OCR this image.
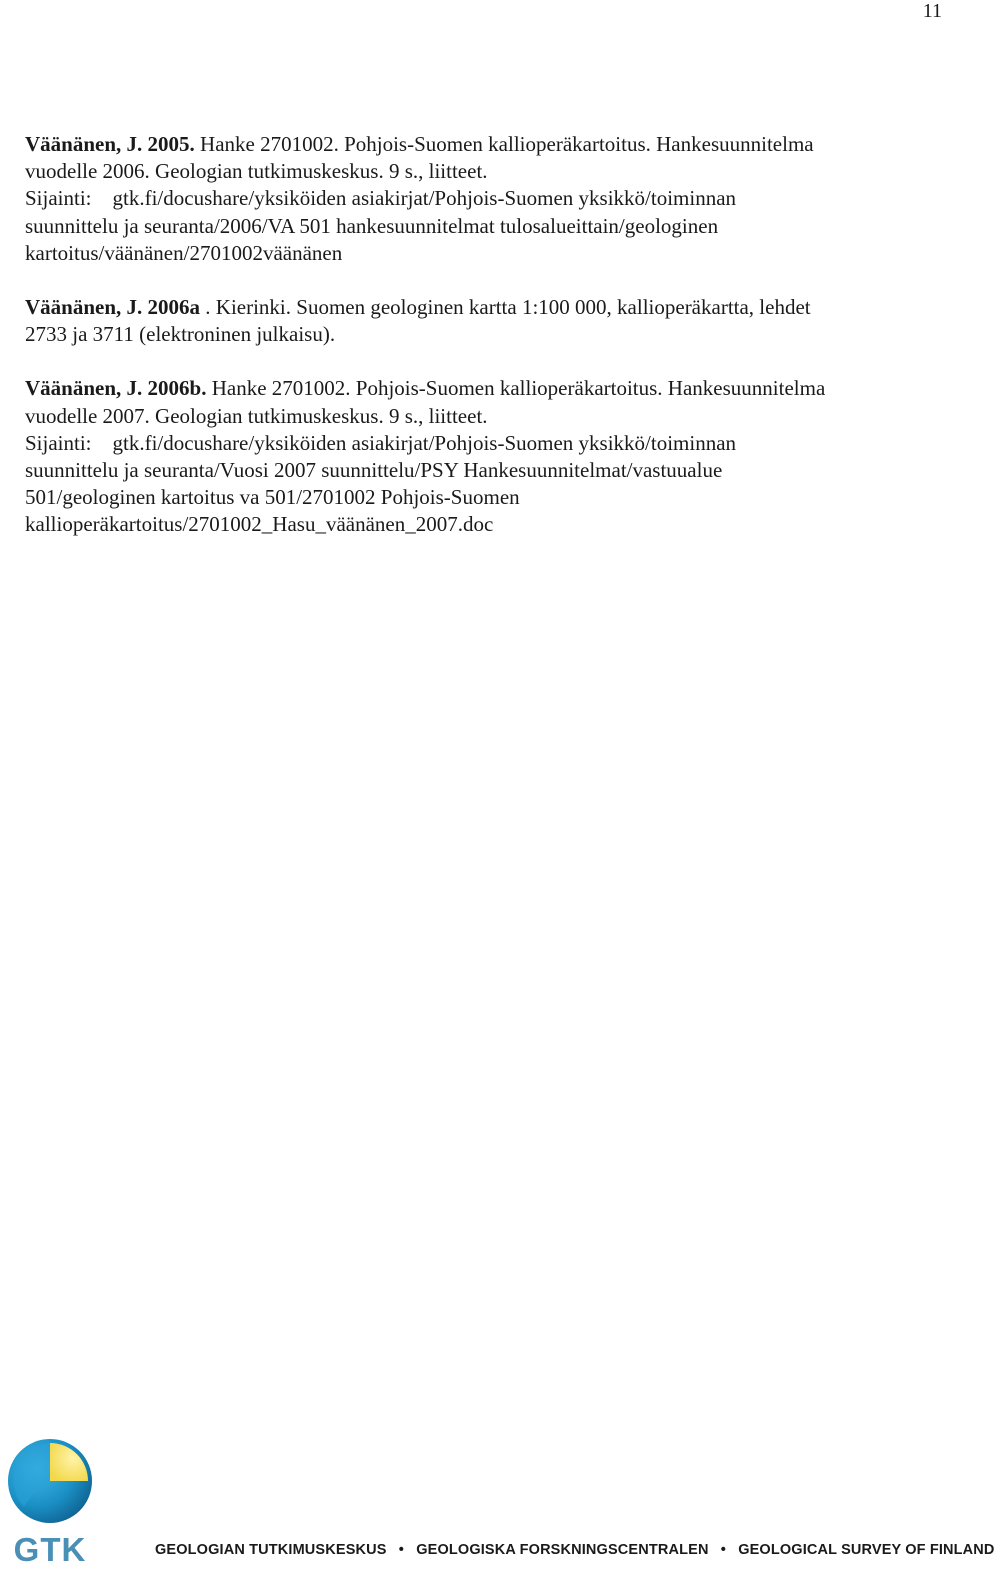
11

Väänänen, J. 2005. Hanke 2701002. Pohjois-Suomen kallioperäkartoitus. Hankesuunnitelma
vuodelle 2006. Geologian tutkimuskeskus. 9 s., liitteet.
Sijainti:    gtk.fi/docushare/yksiköiden asiakirjat/Pohjois-Suomen yksikkö/toiminnan
suunnittelu ja seuranta/2006/VA 501 hankesuunnitelmat tulosalueittain/geologinen
kartoitus/väänänen/2701002väänänen

Väänänen, J. 2006a . Kierinki. Suomen geologinen kartta 1:100 000, kallioperäkartta, lehdet
2733 ja 3711 (elektroninen julkaisu).

Väänänen, J. 2006b. Hanke 2701002. Pohjois-Suomen kallioperäkartoitus. Hankesuunnitelma
vuodelle 2007. Geologian tutkimuskeskus. 9 s., liitteet.
Sijainti:    gtk.fi/docushare/yksiköiden asiakirjat/Pohjois-Suomen yksikkö/toiminnan
suunnittelu ja seuranta/Vuosi 2007 suunnittelu/PSY Hankesuunnitelmat/vastuualue
501/geologinen kartoitus va 501/2701002 Pohjois-Suomen
kallioperäkartoitus/2701002_Hasu_väänänen_2007.doc

GTK	GEOLOGIAN TUTKIMUSKESKUS • GEOLOGISKA FORSKNINGSCENTRALEN • GEOLOGICAL SURVEY OF FINLAND
